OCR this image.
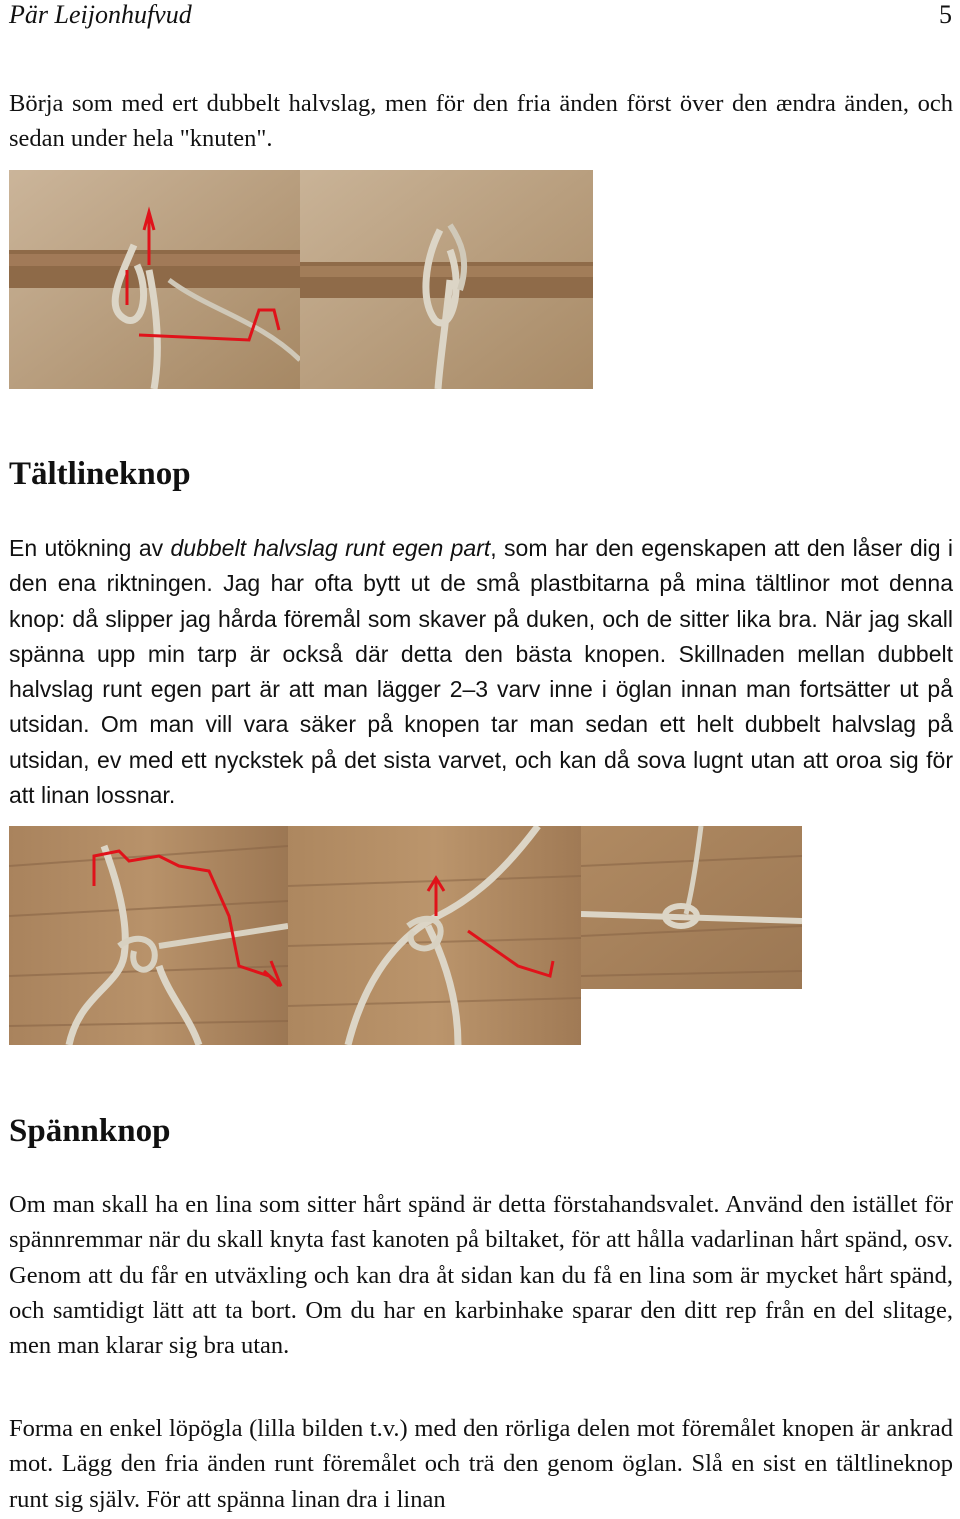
Pär Leijonhufvud	5

Börja som med ert dubbelt halvslag, men för den fria änden först över den ændra änden, och sedan under hela "knuten".

Tältlineknop

En utökning av dubbelt halvslag runt egen part, som har den egenskapen att den låser dig i den ena riktningen. Jag har ofta bytt ut de små plastbitarna på mina tältlinor mot denna knop: då slipper jag hårda föremål som skaver på duken, och de sitter lika bra. När jag skall spänna upp min tarp är också där detta den bästa knopen. Skillnaden mellan dubbelt halvslag runt egen part är att man lägger 2–3 varv inne i öglan innan man fortsätter ut på utsidan. Om man vill vara säker på knopen tar man sedan ett helt dubbelt halvslag på utsidan, ev med ett nyckstek på det sista varvet, och kan då sova lugnt utan att oroa sig för att linan lossnar.

Spännknop

Om man skall ha en lina som sitter hårt spänd är detta förstahandsvalet. Använd den istället för spännremmar när du skall knyta fast kanoten på biltaket, för att hålla vadarlinan hårt spänd, osv. Genom att du får en utväxling och kan dra åt sidan kan du få en lina som är mycket hårt spänd, och samtidigt lätt att ta bort. Om du har en karbinhake sparar den ditt rep från en del slitage, men man klarar sig bra utan.

Forma en enkel löpögla (lilla bilden t.v.) med den rörliga delen mot föremålet knopen är ankrad mot. Lägg den fria änden runt föremålet och trä den genom öglan. Slå en sist en tältlineknop runt sig själv. För att spänna linan dra i linan
